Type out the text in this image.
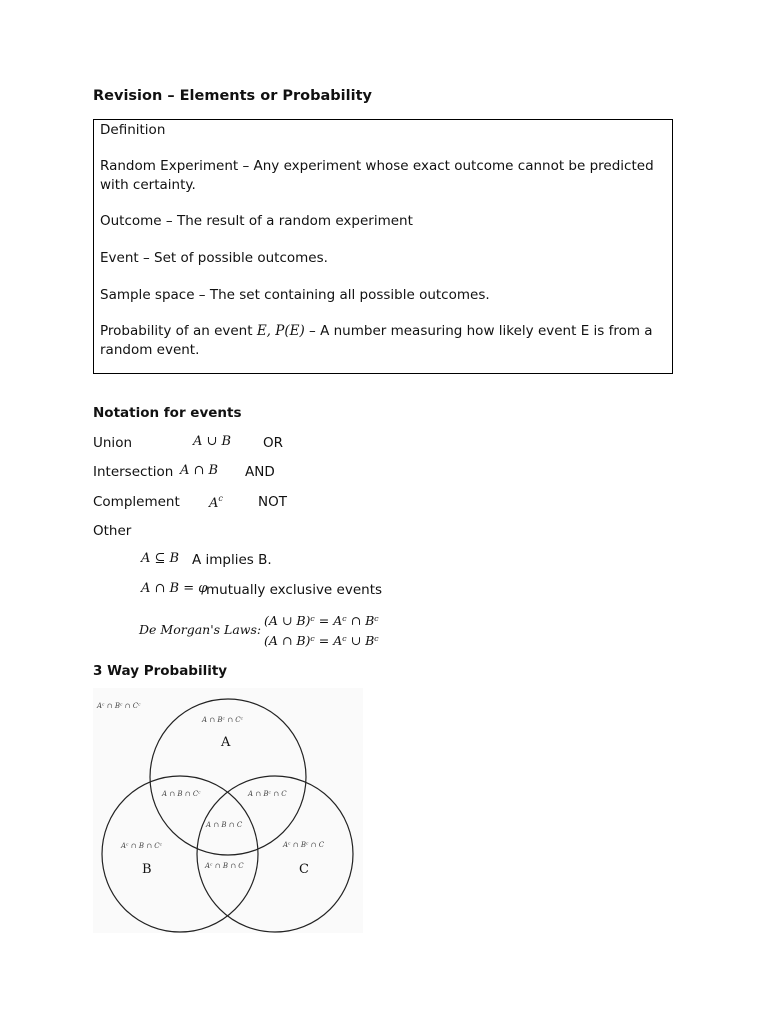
Revision – Elements or Probability

Definition

Random Experiment – Any experiment whose exact outcome cannot be predicted with certainty.

Outcome – The result of a random experiment

Event – Set of possible outcomes.

Sample space – The set containing all possible outcomes.

Probability of an event E, P(E) – A number measuring how likely event E is from a random event.

Notation for events
Union	A ∪ B OR
Intersection A ∩ B AND
Complement $A^c$	NOT
Other
A ⊆ B A implies B.
A ∩ B = φ
mutually exclusive events
De Morgan's Laws:
(A ∪ B)ᶜ = Aᶜ ∩ Bᶜ
(A ∩ B)ᶜ = Aᶜ ∪ Bᶜ
3 Way Probability
Aᶜ ∩ Bᶜ ∩ Cᶜ
A ∩ Bᶜ ∩ Cᶜ
A
A ∩ B ∩ Cᶜ	A ∩ Bᶜ ∩ C
A ∩ B ∩ C
Aᶜ ∩ B ∩ Cᶜ
B	Aᶜ ∩ B ∩ C
Aᶜ ∩ Bᶜ ∩ C
C
